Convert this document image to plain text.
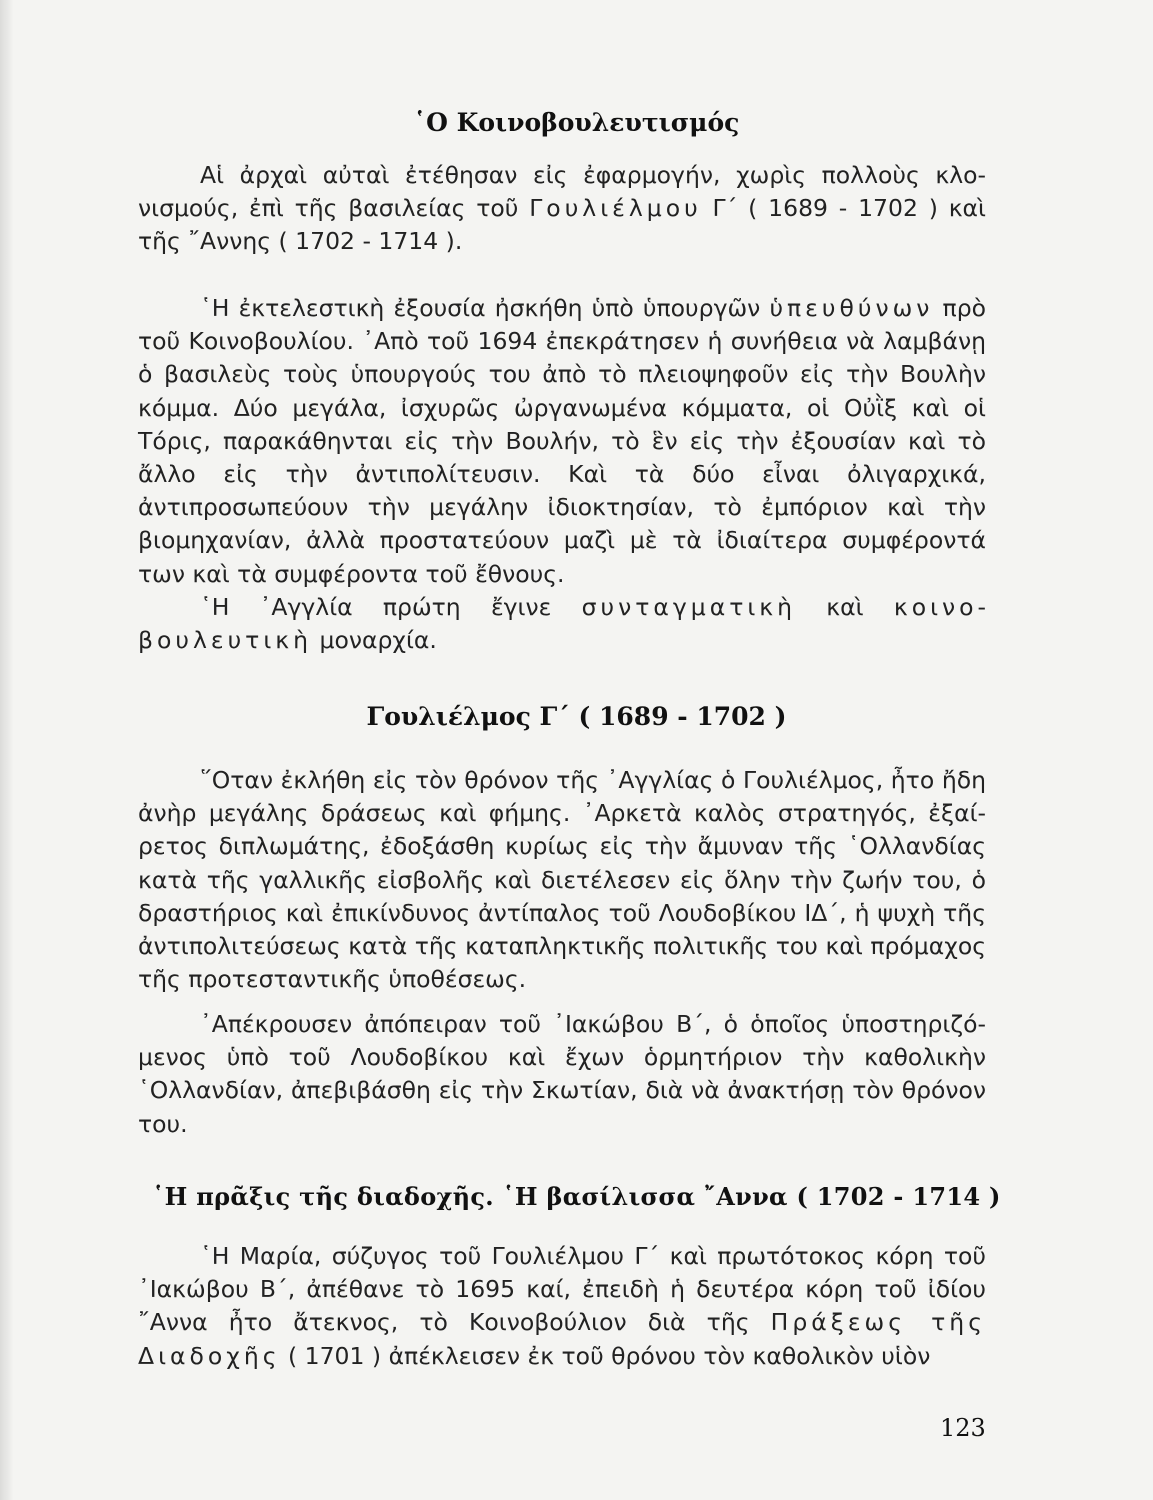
῾Ο Κοινοβουλευτισμός

Αἱ ἀρχαὶ αὐταὶ ἐτέθησαν εἰς ἐφαρμογήν, χωρὶς πολλοὺς κλονισμούς, ἐπὶ τῆς βασιλείας τοῦ Γουλιέλμου Γ΄ ( 1689 - 1702 ) καὶ τῆς ῎Αννης ( 1702 - 1714 ).

῾Η ἐκτελεστικὴ ἐξουσία ἠσκήθη ὑπὸ ὑπουργῶν ὑπευθύνων πρὸ τοῦ Κοινοβουλίου. ᾿Απὸ τοῦ 1694 ἐπεκράτησεν ἡ συνήθεια νὰ λαμβάνῃ ὁ βασιλεὺς τοὺς ὑπουργούς του ἀπὸ τὸ πλειοψηφοῦν εἰς τὴν Βουλὴν κόμμα. Δύο μεγάλα, ἰσχυρῶς ὠργανωμένα κόμματα, οἱ Οὐῒξ καὶ οἱ Τόρις, παρακάθηνται εἰς τὴν Βουλήν, τὸ ἓν εἰς τὴν ἐξουσίαν καὶ τὸ ἄλλο εἰς τὴν ἀντιπολίτευσιν. Καὶ τὰ δύο εἶναι ὀλιγαρχικά, ἀντιπροσωπεύουν τὴν μεγάλην ἰδιοκτησίαν, τὸ ἐμπόριον καὶ τὴν βιομηχανίαν, ἀλλὰ προστατεύουν μαζὶ μὲ τὰ ἰδιαίτερα συμφέροντά των καὶ τὰ συμφέροντα τοῦ ἔθνους.

῾Η ᾿Αγγλία πρώτη ἔγινε συνταγματικὴ καὶ κοινοβουλευτικὴ μοναρχία.

Γουλιέλμος Γ΄ ( 1689 - 1702 )

῞Οταν ἐκλήθη εἰς τὸν θρόνον τῆς ᾿Αγγλίας ὁ Γουλιέλμος, ἦτο ἤδη ἀνὴρ μεγάλης δράσεως καὶ φήμης. ᾿Αρκετὰ καλὸς στρατηγός, ἐξαίρετος διπλωμάτης, ἐδοξάσθη κυρίως εἰς τὴν ἄμυναν τῆς ῾Ολλανδίας κατὰ τῆς γαλλικῆς εἰσβολῆς καὶ διετέλεσεν εἰς ὅλην τὴν ζωήν του, ὁ δραστήριος καὶ ἐπικίνδυνος ἀντίπαλος τοῦ Λουδοβίκου ΙΔ΄, ἡ ψυχὴ τῆς ἀντιπολιτεύσεως κατὰ τῆς καταπληκτικῆς πολιτικῆς του καὶ πρόμαχος τῆς προτεσταντικῆς ὑποθέσεως.

᾿Απέκρουσεν ἀπόπειραν τοῦ ᾿Ιακώβου Β΄, ὁ ὁποῖος ὑποστηριζόμενος ὑπὸ τοῦ Λουδοβίκου καὶ ἔχων ὁρμητήριον τὴν καθολικὴν ῾Ολλανδίαν, ἀπεβιβάσθη εἰς τὴν Σκωτίαν, διὰ νὰ ἀνακτήσῃ τὸν θρόνον του.

῾Η πρᾶξις τῆς διαδοχῆς. ῾Η βασίλισσα ῎Αννα ( 1702 - 1714 )

῾Η Μαρία, σύζυγος τοῦ Γουλιέλμου Γ΄ καὶ πρωτότοκος κόρη τοῦ ᾿Ιακώβου Β΄, ἀπέθανε τὸ 1695 καί, ἐπειδὴ ἡ δευτέρα κόρη τοῦ ἰδίου ῎Αννα ἦτο ἄτεκνος, τὸ Κοινοβούλιον διὰ τῆς Πράξεως τῆς Διαδοχῆς ( 1701 ) ἀπέκλεισεν ἐκ τοῦ θρόνου τὸν καθολικὸν υἱὸν

123
